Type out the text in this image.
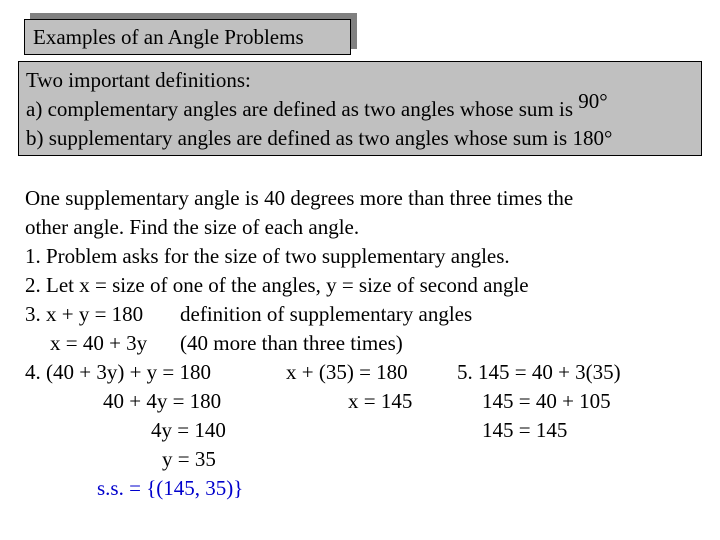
Examples of an Angle Problems
Two important definitions:
a) complementary angles are defined as two angles whose sum is 90°
b) supplementary angles are defined as two angles whose sum is 180°
One supplementary angle is 40 degrees more than three times the
other angle. Find the size of each angle.
1. Problem asks for the size of two supplementary angles.
2. Let x = size of one of the angles, y = size of second angle
3. x + y = 180 definition of supplementary angles
x = 40 + 3y (40 more than three times)
4. (40 + 3y) + y = 180
40 + 4y = 180
4y = 140
y = 35
s.s. = {(145, 35)}
x + (35) = 180
x = 145
5. 145 = 40 + 3(35)
145 = 40 + 105
145 = 145
